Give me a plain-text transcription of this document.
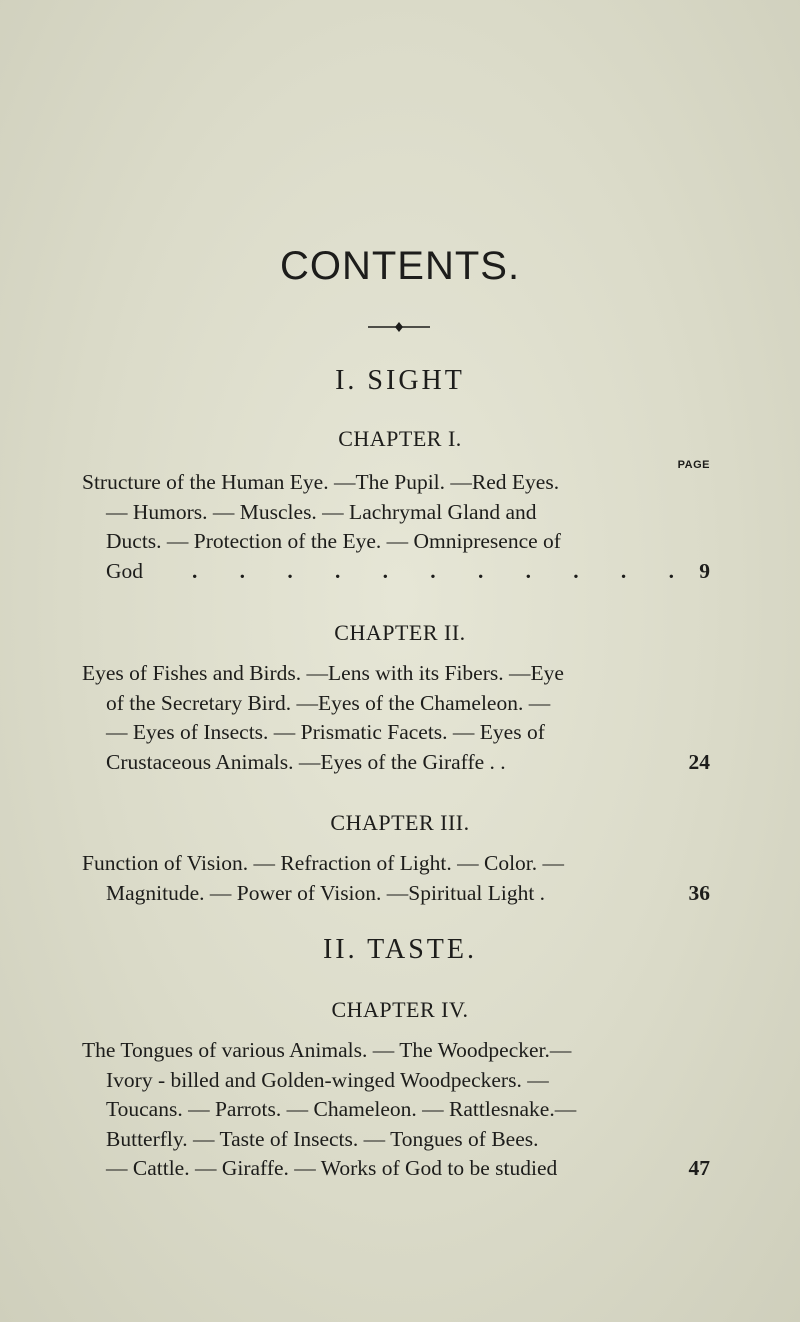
CONTENTS.
I. SIGHT
CHAPTER I.
PAGE
Structure of the Human Eye. —The Pupil. —Red Eyes.
— Humors. — Muscles. — Lachrymal Gland and
Ducts. — Protection of the Eye. — Omnipresence of
God . . . . . . . . . . . 9
CHAPTER II.
Eyes of Fishes and Birds. —Lens with its Fibers. —Eye
of the Secretary Bird. —Eyes of the Chameleon. —
— Eyes of Insects. — Prismatic Facets. — Eyes of
Crustaceous Animals. —Eyes of the Giraffe . .	24
CHAPTER III.
Function of Vision. — Refraction of Light. — Color. —
Magnitude. — Power of Vision. —Spiritual Light .	36
II. TASTE.
CHAPTER IV.
The Tongues of various Animals. — The Woodpecker.—
Ivory - billed and Golden-winged Woodpeckers. —
Toucans. — Parrots. — Chameleon. — Rattlesnake.—
Butterfly. — Taste of Insects. — Tongues of Bees.
— Cattle. — Giraffe. — Works of God to be studied	47
